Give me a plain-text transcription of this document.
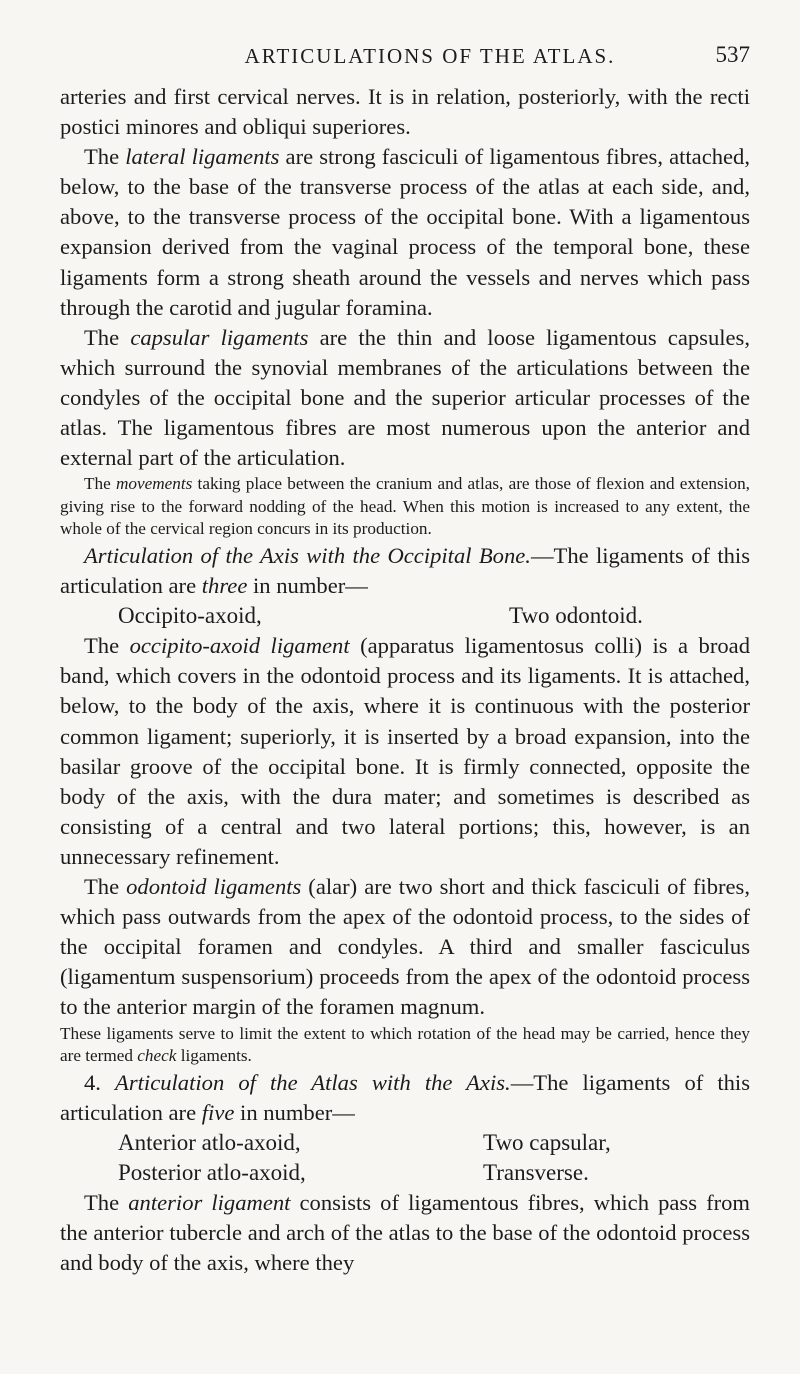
ARTICULATIONS OF THE ATLAS.	537

arteries and first cervical nerves. It is in relation, posteriorly, with the recti postici minores and obliqui superiores.

The lateral ligaments are strong fasciculi of ligamentous fibres, attached, below, to the base of the transverse process of the atlas at each side, and, above, to the transverse process of the occipital bone. With a ligamentous expansion derived from the vaginal process of the temporal bone, these ligaments form a strong sheath around the vessels and nerves which pass through the carotid and jugular foramina.

The capsular ligaments are the thin and loose ligamentous capsules, which surround the synovial membranes of the articulations between the condyles of the occipital bone and the superior articular processes of the atlas. The ligamentous fibres are most numerous upon the anterior and external part of the articulation.

The movements taking place between the cranium and atlas, are those of flexion and extension, giving rise to the forward nodding of the head. When this motion is increased to any extent, the whole of the cervical region concurs in its production.

Articulation of the Axis with the Occipital Bone.—The ligaments of this articulation are three in number—

Occipito-axoid,	Two odontoid.

The occipito-axoid ligament (apparatus ligamentosus colli) is a broad band, which covers in the odontoid process and its ligaments. It is attached, below, to the body of the axis, where it is continuous with the posterior common ligament; superiorly, it is inserted by a broad expansion, into the basilar groove of the occipital bone. It is firmly connected, opposite the body of the axis, with the dura mater; and sometimes is described as consisting of a central and two lateral portions; this, however, is an unnecessary refinement.

The odontoid ligaments (alar) are two short and thick fasciculi of fibres, which pass outwards from the apex of the odontoid process, to the sides of the occipital foramen and condyles. A third and smaller fasciculus (ligamentum suspensorium) proceeds from the apex of the odontoid process to the anterior margin of the foramen magnum.

These ligaments serve to limit the extent to which rotation of the head may be carried, hence they are termed check ligaments.

4. Articulation of the Atlas with the Axis.—The ligaments of this articulation are five in number—

Anterior atlo-axoid,	Two capsular,
Posterior atlo-axoid,	Transverse.

The anterior ligament consists of ligamentous fibres, which pass from the anterior tubercle and arch of the atlas to the base of the odontoid process and body of the axis, where they
